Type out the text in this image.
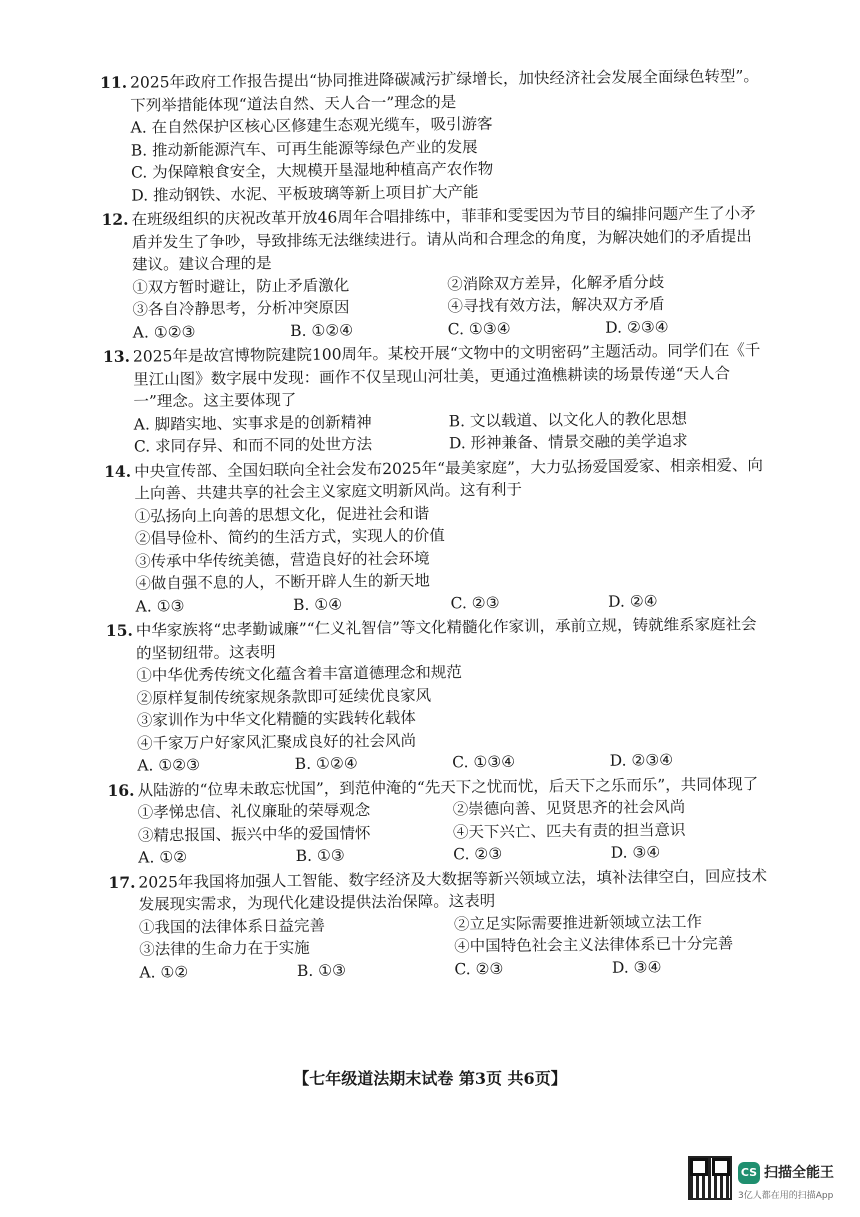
11. 2025年政府工作报告提出“协同推进降碳减污扩绿增长，加快经济社会发展全面绿色转型”。下列举措能体现“道法自然、天人合一”理念的是
A. 在自然保护区核心区修建生态观光缆车，吸引游客
B. 推动新能源汽车、可再生能源等绿色产业的发展
C. 为保障粮食安全，大规模开垦湿地种植高产农作物
D. 推动钢铁、水泥、平板玻璃等新上项目扩大产能
12. 在班级组织的庆祝改革开放46周年合唱排练中，菲菲和雯雯因为节目的编排问题产生了小矛盾并发生了争吵，导致排练无法继续进行。请从尚和合理念的角度，为解决她们的矛盾提出建议。建议合理的是
①双方暂时避让，防止矛盾激化	②消除双方差异，化解矛盾分歧
③各自冷静思考，分析冲突原因	④寻找有效方法，解决双方矛盾
A. ①②③	B. ①②④	C. ①③④	D. ②③④
13. 2025年是故宫博物院建院100周年。某校开展“文物中的文明密码”主题活动。同学们在《千里江山图》数字展中发现：画作不仅呈现山河壮美，更通过渔樵耕读的场景传递“天人合一”理念。这主要体现了
A. 脚踏实地、实事求是的创新精神	B. 文以载道、以文化人的教化思想
C. 求同存异、和而不同的处世方法	D. 形神兼备、情景交融的美学追求
14. 中央宣传部、全国妇联向全社会发布2025年“最美家庭”，大力弘扬爱国爱家、相亲相爱、向上向善、共建共享的社会主义家庭文明新风尚。这有利于
①弘扬向上向善的思想文化，促进社会和谐
②倡导俭朴、简约的生活方式，实现人的价值
③传承中华传统美德，营造良好的社会环境
④做自强不息的人，不断开辟人生的新天地
A. ①③	B. ①④	C. ②③	D. ②④
15. 中华家族将“忠孝勤诚廉”“仁义礼智信”等文化精髓化作家训，承前立规，铸就维系家庭社会的坚韧纽带。这表明
①中华优秀传统文化蕴含着丰富道德理念和规范
②原样复制传统家规条款即可延续优良家风
③家训作为中华文化精髓的实践转化载体
④千家万户好家风汇聚成良好的社会风尚
A. ①②③	B. ①②④	C. ①③④	D. ②③④
16. 从陆游的“位卑未敢忘忧国”，到范仲淹的“先天下之忧而忧，后天下之乐而乐”，共同体现了
①孝悌忠信、礼仪廉耻的荣辱观念	②崇德向善、见贤思齐的社会风尚
③精忠报国、振兴中华的爱国情怀	④天下兴亡、匹夫有责的担当意识
A. ①②	B. ①③	C. ②③	D. ③④
17. 2025年我国将加强人工智能、数字经济及大数据等新兴领域立法，填补法律空白，回应技术发展现实需求，为现代化建设提供法治保障。这表明
①我国的法律体系日益完善	②立足实际需要推进新领域立法工作
③法律的生命力在于实施	④中国特色社会主义法律体系已十分完善
A. ①②	B. ①③	C. ②③	D. ③④
【七年级道法期末试卷 第3页 共6页】
CS 扫描全能王
3亿人都在用的扫描App
